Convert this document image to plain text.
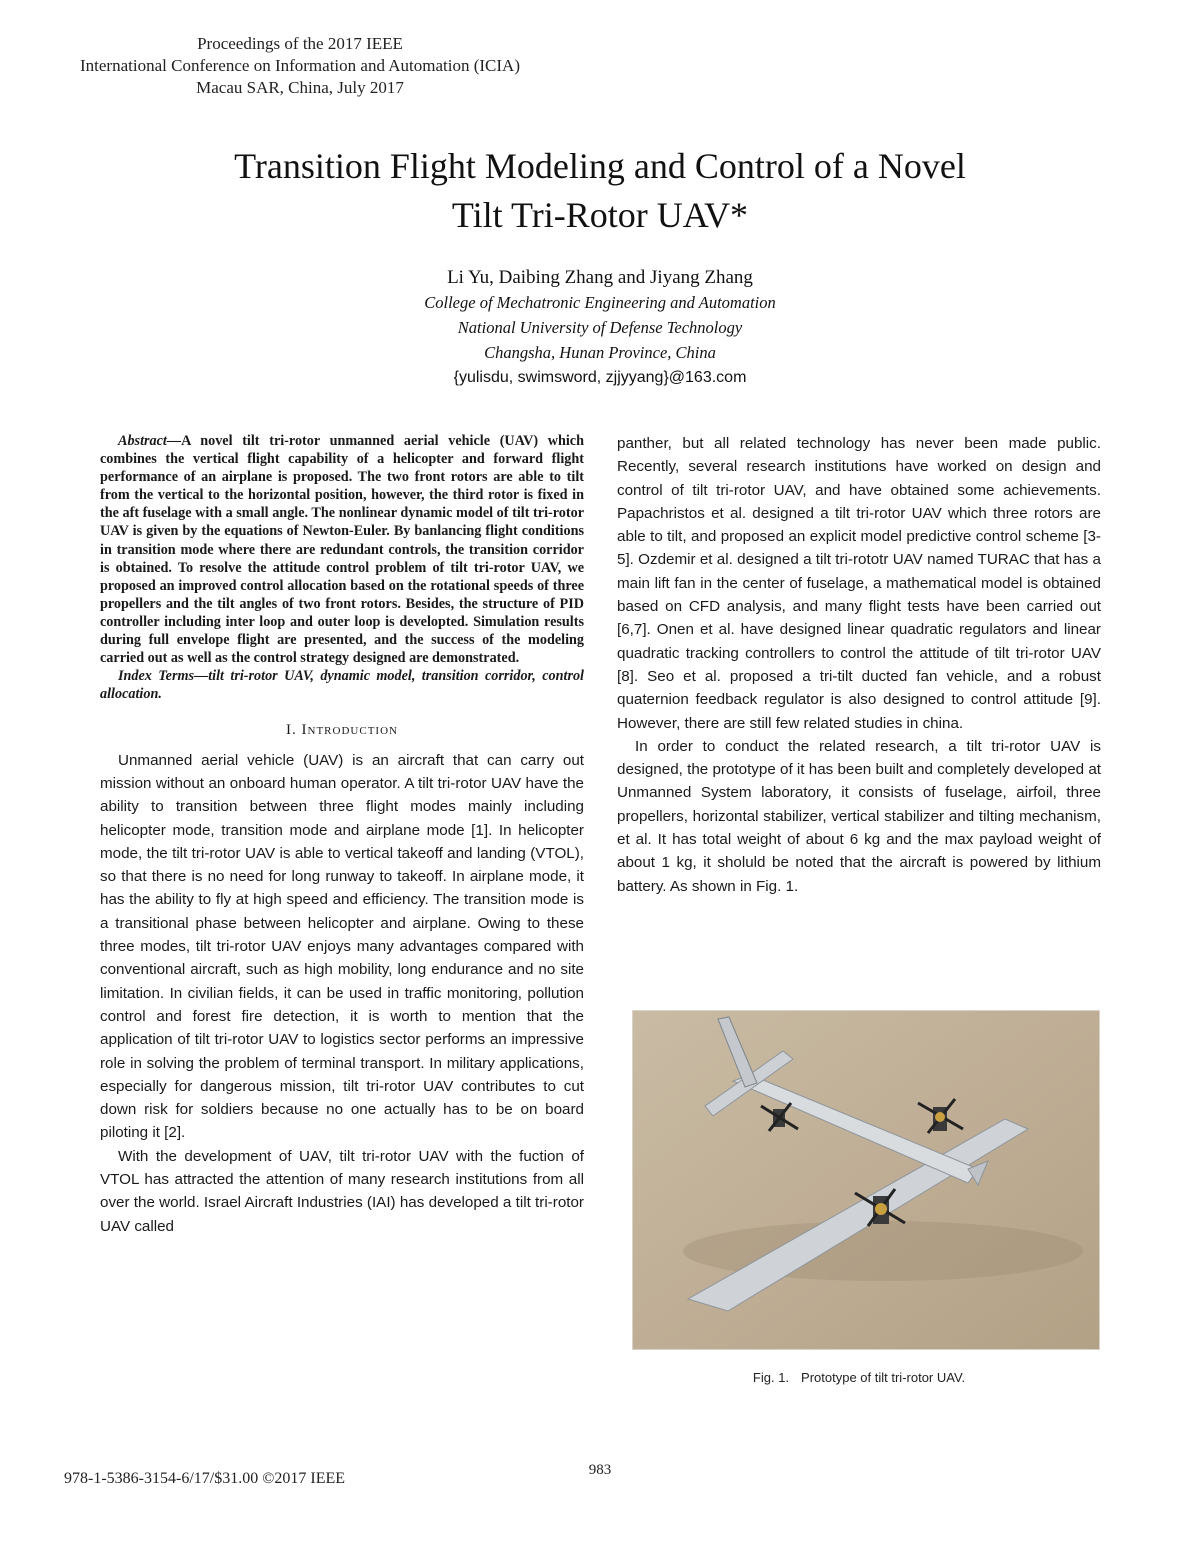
Proceedings of the 2017 IEEE
International Conference on Information and Automation (ICIA)
Macau SAR, China, July 2017
Transition Flight Modeling and Control of a Novel
Tilt Tri-Rotor UAV*
Li Yu, Daibing Zhang and Jiyang Zhang
College of Mechatronic Engineering and Automation
National University of Defense Technology
Changsha, Hunan Province, China
{yulisdu, swimsword, zjjyyang}@163.com

Abstract—A novel tilt tri-rotor unmanned aerial vehicle (UAV) which combines the vertical flight capability of a helicopter and forward flight performance of an airplane is proposed. The two front rotors are able to tilt from the vertical to the horizontal position, however, the third rotor is fixed in the aft fuselage with a small angle. The nonlinear dynamic model of tilt tri-rotor UAV is given by the equations of Newton-Euler. By banlancing flight conditions in transition mode where there are redundant controls, the transition corridor is obtained. To resolve the attitude control problem of tilt tri-rotor UAV, we proposed an improved control allocation based on the rotational speeds of three propellers and the tilt angles of two front rotors. Besides, the structure of PID controller including inter loop and outer loop is developted. Simulation results during full envelope flight are presented, and the success of the modeling carried out as well as the control strategy designed are demonstrated.

Index Terms—tilt tri-rotor UAV, dynamic model, transition corridor, control allocation.

I. Introduction

Unmanned aerial vehicle (UAV) is an aircraft that can carry out mission without an onboard human operator. A tilt tri-rotor UAV have the ability to transition between three flight modes mainly including helicopter mode, transition mode and airplane mode [1]. In helicopter mode, the tilt tri-rotor UAV is able to vertical takeoff and landing (VTOL), so that there is no need for long runway to takeoff. In airplane mode, it has the ability to fly at high speed and efficiency. The transition mode is a transitional phase between helicopter and airplane. Owing to these three modes, tilt tri-rotor UAV enjoys many advantages compared with conventional aircraft, such as high mobility, long endurance and no site limitation. In civilian fields, it can be used in traffic monitoring, pollution control and forest fire detection, it is worth to mention that the application of tilt tri-rotor UAV to logistics sector performs an impressive role in solving the problem of terminal transport. In military applications, especially for dangerous mission, tilt tri-rotor UAV contributes to cut down risk for soldiers because no one actually has to be on board piloting it [2].

With the development of UAV, tilt tri-rotor UAV with the fuction of VTOL has attracted the attention of many research institutions from all over the world. Israel Aircraft Industries (IAI) has developed a tilt tri-rotor UAV called

panther, but all related technology has never been made public. Recently, several research institutions have worked on design and control of tilt tri-rotor UAV, and have obtained some achievements. Papachristos et al. designed a tilt tri-rotor UAV which three rotors are able to tilt, and proposed an explicit model predictive control scheme [3-5]. Ozdemir et al. designed a tilt tri-rototr UAV named TURAC that has a main lift fan in the center of fuselage, a mathematical model is obtained based on CFD analysis, and many flight tests have been carried out [6,7]. Onen et al. have designed linear quadratic regulators and linear quadratic tracking controllers to control the attitude of tilt tri-rotor UAV [8]. Seo et al. proposed a tri-tilt ducted fan vehicle, and a robust quaternion feedback regulator is also designed to control attitude [9]. However, there are still few related studies in china.

In order to conduct the related research, a tilt tri-rotor UAV is designed, the prototype of it has been built and completely developed at Unmanned System laboratory, it consists of fuselage, airfoil, three propellers, horizontal stabilizer, vertical stabilizer and tilting mechanism, et al. It has total weight of about 6 kg and the max payload weight of about 1 kg, it sholuld be noted that the aircraft is powered by lithium battery. As shown in Fig. 1.

Fig. 1. Prototype of tilt tri-rotor UAV.
978-1-5386-3154-6/17/$31.00 ©2017 IEEE	983
